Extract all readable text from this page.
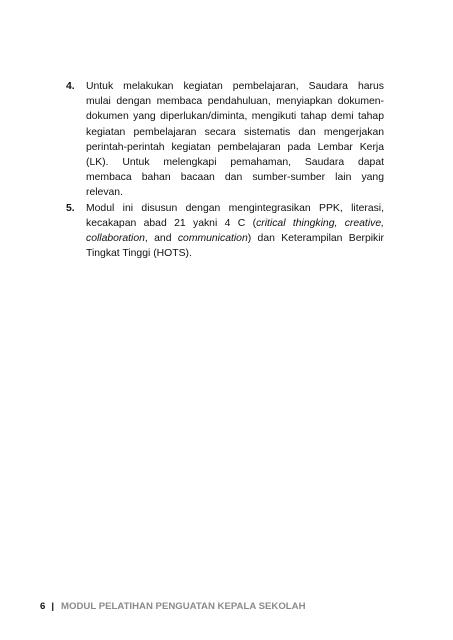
4.	Untuk melakukan kegiatan pembelajaran, Saudara harus
mulai dengan membaca pendahuluan, menyiapkan dokumen-
dokumen yang diperlukan/diminta, mengikuti tahap demi tahap
kegiatan pembelajaran secara sistematis dan mengerjakan
perintah-perintah kegiatan pembelajaran pada Lembar Kerja
(LK). Untuk melengkapi pemahaman, Saudara dapat
membaca bahan bacaan dan sumber-sumber lain yang
relevan.
5.	Modul ini disusun dengan mengintegrasikan PPK, literasi,
kecakapan abad 21 yakni 4 C (critical thingking, creative,
collaboration, and communication) dan Keterampilan Berpikir
Tingkat Tinggi (HOTS).
6 | MODUL PELATIHAN PENGUATAN KEPALA SEKOLAH
